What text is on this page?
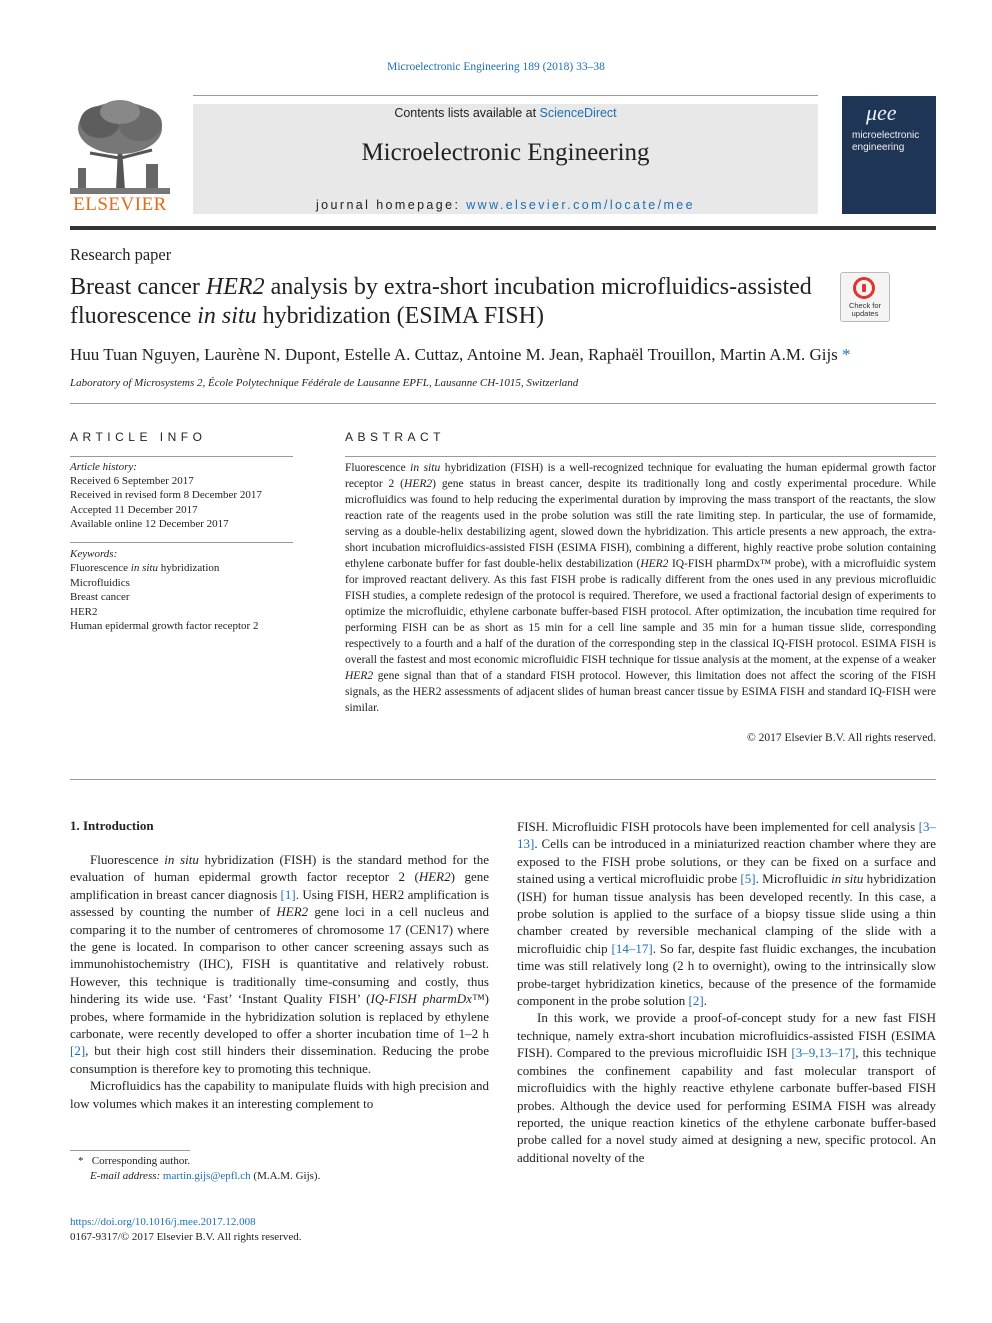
Microelectronic Engineering 189 (2018) 33–38
ELSEVIER
Contents lists available at ScienceDirect
Microelectronic Engineering
journal homepage: www.elsevier.com/locate/mee
μee
microelectronic
engineering
Research paper
Breast cancer HER2 analysis by extra-short incubation microfluidics-assisted fluorescence in situ hybridization (ESIMA FISH)	Check for updates
Huu Tuan Nguyen, Laurène N. Dupont, Estelle A. Cuttaz, Antoine M. Jean, Raphaël Trouillon, Martin A.M. Gijs *
Laboratory of Microsystems 2, École Polytechnique Fédérale de Lausanne EPFL, Lausanne CH-1015, Switzerland
ARTICLE INFO
Article history:
Received 6 September 2017
Received in revised form 8 December 2017
Accepted 11 December 2017
Available online 12 December 2017
Keywords:
Fluorescence in situ hybridization
Microfluidics
Breast cancer
HER2
Human epidermal growth factor receptor 2
ABSTRACT
Fluorescence in situ hybridization (FISH) is a well-recognized technique for evaluating the human epidermal growth factor receptor 2 (HER2) gene status in breast cancer, despite its traditionally long and costly experimental procedure. While microfluidics was found to help reducing the experimental duration by improving the mass transport of the reactants, the slow reaction rate of the reagents used in the probe solution was still the rate limiting step. In particular, the use of formamide, serving as a double-helix destabilizing agent, slowed down the hybridization. This article presents a new approach, the extra-short incubation microfluidics-assisted FISH (ESIMA FISH), combining a different, highly reactive probe solution containing ethylene carbonate buffer for fast double-helix destabilization (HER2 IQ-FISH pharmDx™ probe), with a microfluidic system for improved reactant delivery. As this fast FISH probe is radically different from the ones used in any previous microfluidic FISH studies, a complete redesign of the protocol is required. Therefore, we used a fractional factorial design of experiments to optimize the microfluidic, ethylene carbonate buffer-based FISH protocol. After optimization, the incubation time required for performing FISH can be as short as 15 min for a cell line sample and 35 min for a human tissue slide, corresponding respectively to a fourth and a half of the duration of the corresponding step in the classical IQ-FISH protocol. ESIMA FISH is overall the fastest and most economic microfluidic FISH technique for tissue analysis at the moment, at the expense of a weaker HER2 gene signal than that of a standard FISH protocol. However, this limitation does not affect the scoring of the FISH signals, as the HER2 assessments of adjacent slides of human breast cancer tissue by ESIMA FISH and standard IQ-FISH were similar.
© 2017 Elsevier B.V. All rights reserved.
1. Introduction

Fluorescence in situ hybridization (FISH) is the standard method for the evaluation of human epidermal growth factor receptor 2 (HER2) gene amplification in breast cancer diagnosis [1]. Using FISH, HER2 amplification is assessed by counting the number of HER2 gene loci in a cell nucleus and comparing it to the number of centromeres of chromosome 17 (CEN17) where the gene is located. In comparison to other cancer screening assays such as immunohistochemistry (IHC), FISH is quantitative and relatively robust. However, this technique is traditionally time-consuming and costly, thus hindering its wide use. ‘Fast’ ‘Instant Quality FISH’ (IQ-FISH pharmDx™) probes, where formamide in the hybridization solution is replaced by ethylene carbonate, were recently developed to offer a shorter incubation time of 1–2 h [2], but their high cost still hinders their dissemination. Reducing the probe consumption is therefore key to promoting this technique.

Microfluidics has the capability to manipulate fluids with high precision and low volumes which makes it an interesting complement to

FISH. Microfluidic FISH protocols have been implemented for cell analysis [3–13]. Cells can be introduced in a miniaturized reaction chamber where they are exposed to the FISH probe solutions, or they can be fixed on a surface and stained using a vertical microfluidic probe [5]. Microfluidic in situ hybridization (ISH) for human tissue analysis has been developed recently. In this case, a probe solution is applied to the surface of a biopsy tissue slide using a thin chamber created by reversible mechanical clamping of the slide with a microfluidic chip [14–17]. So far, despite fast fluidic exchanges, the incubation time was still relatively long (2 h to overnight), owing to the intrinsically slow probe-target hybridization kinetics, because of the presence of the formamide component in the probe solution [2].

In this work, we provide a proof-of-concept study for a new fast FISH technique, namely extra-short incubation microfluidics-assisted FISH (ESIMA FISH). Compared to the previous microfluidic ISH [3–9,13–17], this technique combines the confinement capability and fast molecular transport of microfluidics with the highly reactive ethylene carbonate buffer-based FISH probes. Although the device used for performing ESIMA FISH was already reported, the unique reaction kinetics of the ethylene carbonate buffer-based probe called for a novel study aimed at designing a new, specific protocol. An additional novelty of the

* Corresponding author.
E-mail address: martin.gijs@epfl.ch (M.A.M. Gijs).
https://doi.org/10.1016/j.mee.2017.12.008
0167-9317/© 2017 Elsevier B.V. All rights reserved.
